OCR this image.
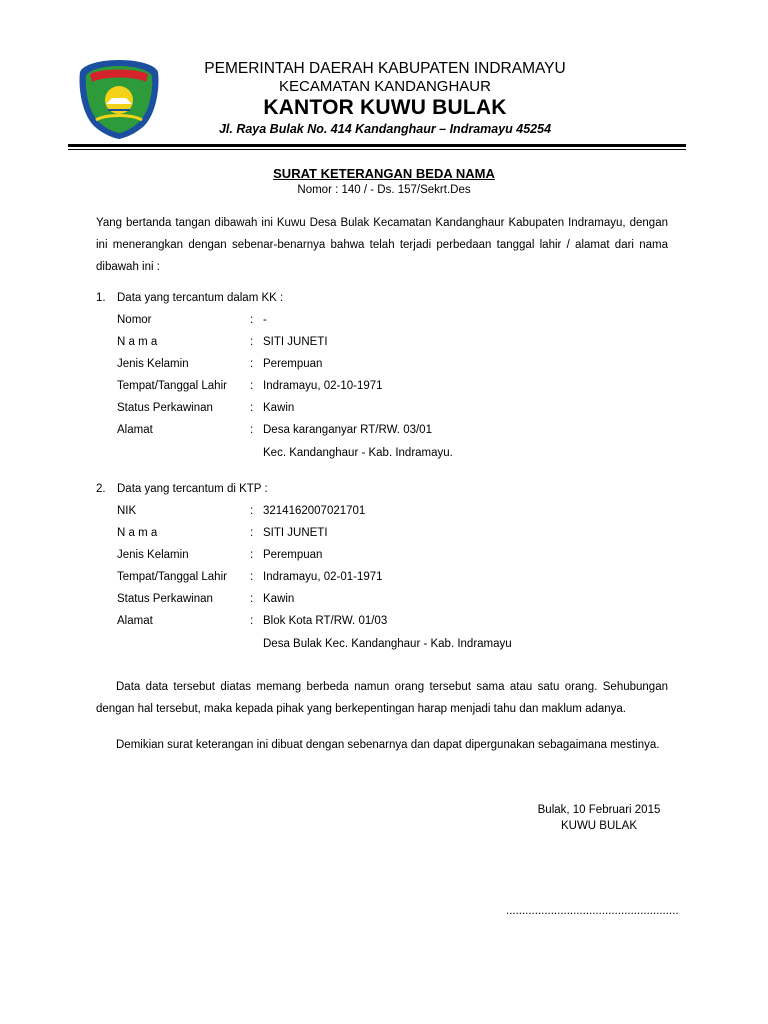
PEMERINTAH DAERAH KABUPATEN INDRAMAYU
KECAMATAN KANDANGHAUR
KANTOR KUWU BULAK
Jl. Raya Bulak No. 414 Kandanghaur – Indramayu 45254
SURAT KETERANGAN BEDA NAMA
Nomor : 140 / - Ds. 157/Sekrt.Des
Yang bertanda tangan dibawah ini Kuwu Desa Bulak Kecamatan Kandanghaur Kabupaten Indramayu, dengan ini menerangkan dengan sebenar-benarnya bahwa telah terjadi perbedaan tanggal lahir / alamat dari nama dibawah ini :
1. Data yang tercantum dalam KK :
Nomor	: -
N a m a	: SITI JUNETI
Jenis Kelamin	: Perempuan
Tempat/Tanggal Lahir	: Indramayu, 02-10-1971
Status Perkawinan	: Kawin
Alamat	: Desa karanganyar RT/RW. 03/01
Kec. Kandanghaur - Kab. Indramayu.
2. Data yang tercantum di KTP :
NIK	: 3214162007021701
N a m a	: SITI JUNETI
Jenis Kelamin	: Perempuan
Tempat/Tanggal Lahir	: Indramayu, 02-01-1971
Status Perkawinan	: Kawin
Alamat	: Blok Kota RT/RW. 01/03
Desa Bulak Kec. Kandanghaur - Kab. Indramayu
Data data tersebut diatas memang berbeda namun orang tersebut sama atau satu orang. Sehubungan dengan hal tersebut, maka kepada pihak yang berkepentingan harap menjadi tahu dan maklum adanya.
Demikian surat keterangan ini dibuat dengan sebenarnya dan dapat dipergunakan sebagaimana mestinya.
Bulak, 10 Februari 2015
KUWU BULAK
......................................................
